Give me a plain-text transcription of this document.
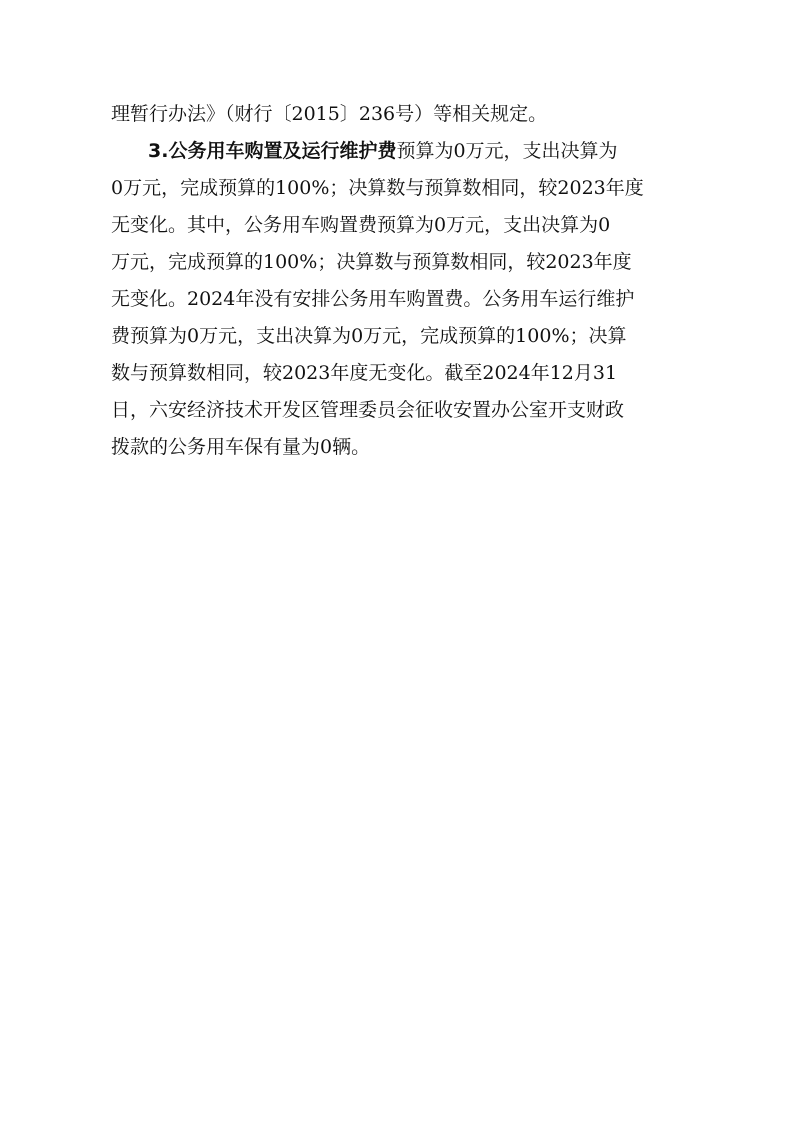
理暂行办法》（财行〔2015〕236号）等相关规定。
3.公务用车购置及运行维护费预算为0万元，支出决算为
0万元，完成预算的100%；决算数与预算数相同，较2023年度
无变化。其中，公务用车购置费预算为0万元，支出决算为0
万元，完成预算的100%；决算数与预算数相同，较2023年度
无变化。2024年没有安排公务用车购置费。公务用车运行维护
费预算为0万元，支出决算为0万元，完成预算的100%；决算
数与预算数相同，较2023年度无变化。截至2024年12月31
日，六安经济技术开发区管理委员会征收安置办公室开支财政
拨款的公务用车保有量为0辆。
